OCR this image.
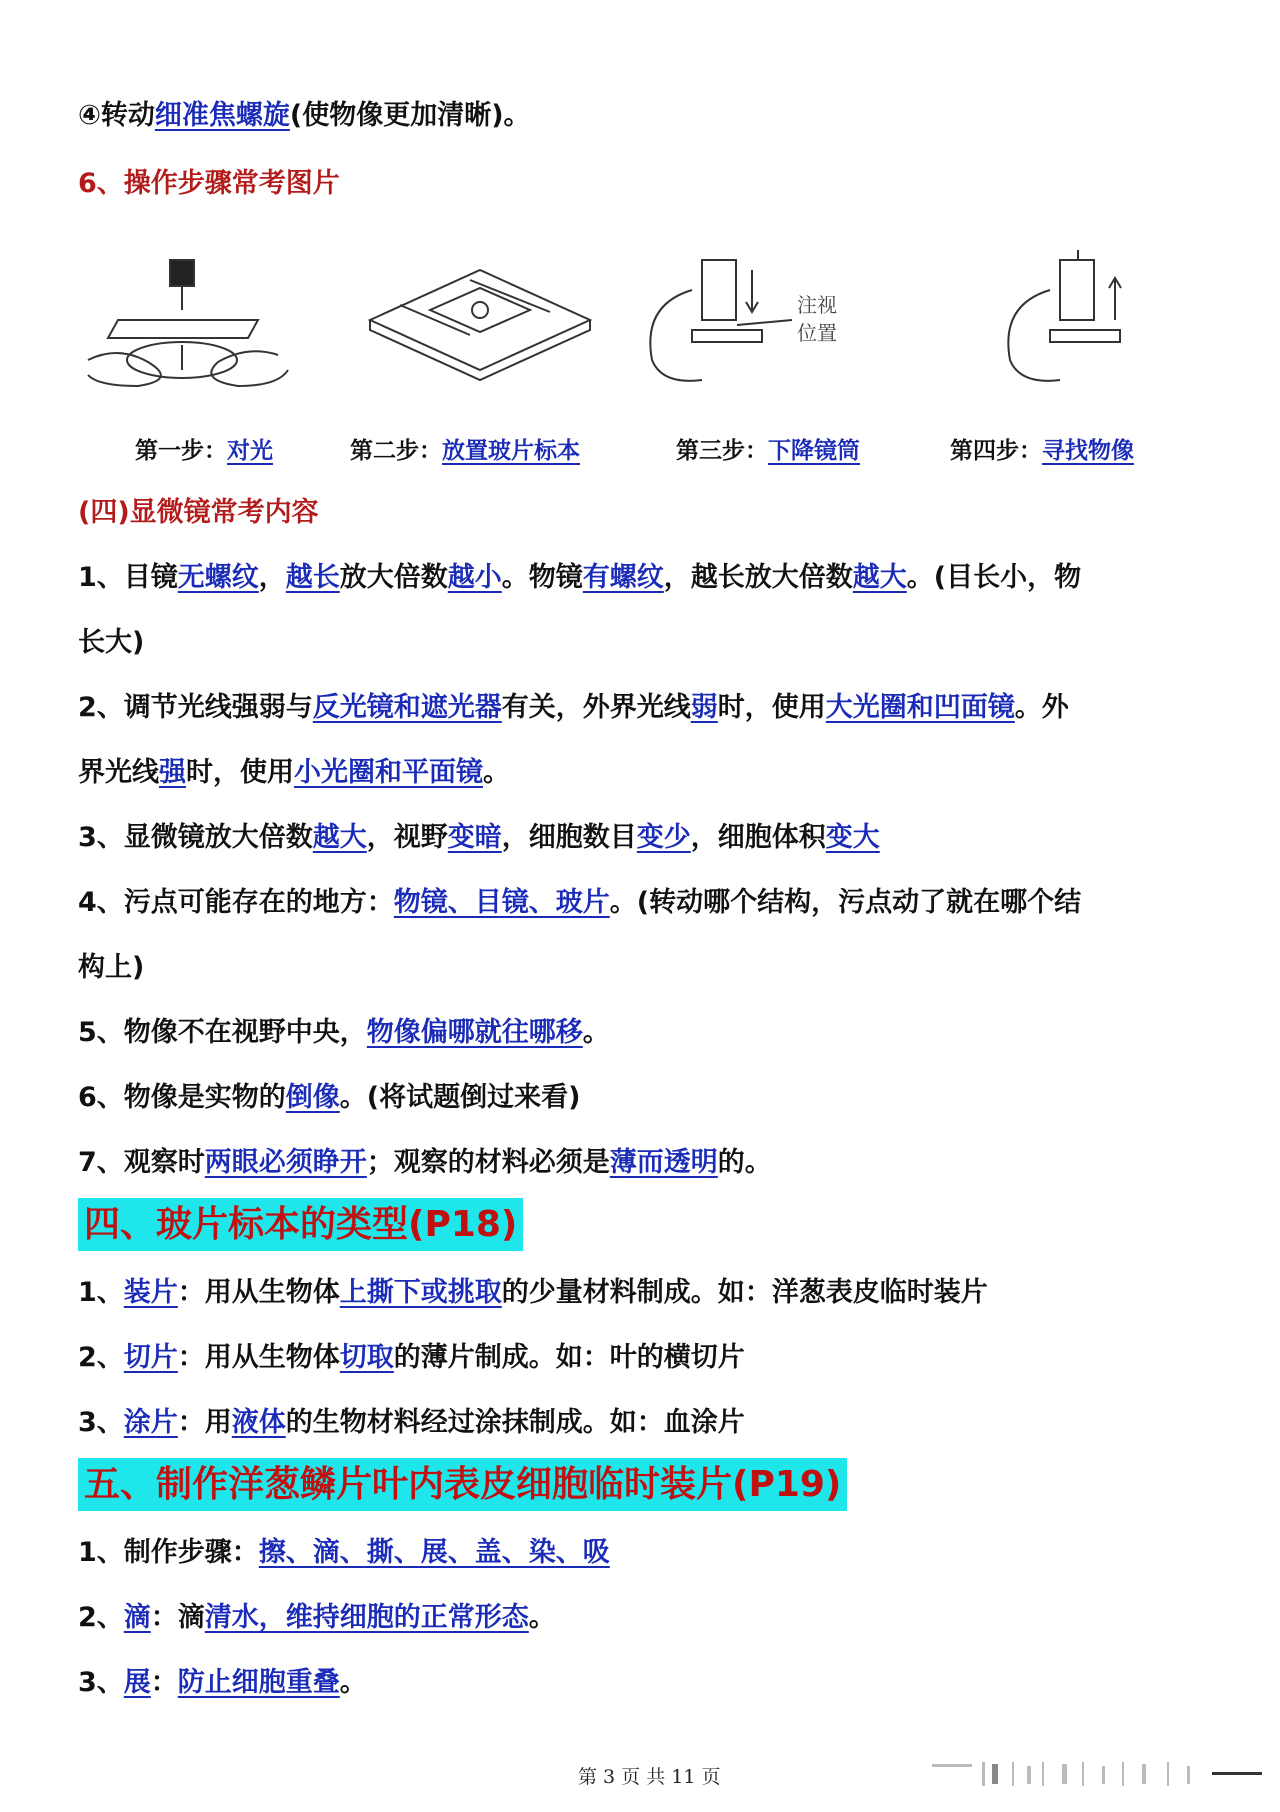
④转动细准焦螺旋(使物像更加清晰)。
6、操作步骤常考图片
注视
位置
第一步：对光	第二步：放置玻片标本	第三步：下降镜筒	第四步：寻找物像
(四)显微镜常考内容
1、目镜无螺纹，越长放大倍数越小。物镜有螺纹，越长放大倍数越大。(目长小，物
长大)
2、调节光线强弱与反光镜和遮光器有关，外界光线弱时，使用大光圈和凹面镜。外
界光线强时，使用小光圈和平面镜。
3、显微镜放大倍数越大，视野变暗，细胞数目变少，细胞体积变大
4、污点可能存在的地方：物镜、目镜、玻片。(转动哪个结构，污点动了就在哪个结
构上)
5、物像不在视野中央，物像偏哪就往哪移。
6、物像是实物的倒像。(将试题倒过来看)
7、观察时两眼必须睁开；观察的材料必须是薄而透明的。
四、玻片标本的类型(P18)
1、装片：用从生物体上撕下或挑取的少量材料制成。如：洋葱表皮临时装片
2、切片：用从生物体切取的薄片制成。如：叶的横切片
3、涂片：用液体的生物材料经过涂抹制成。如：血涂片
五、制作洋葱鳞片叶内表皮细胞临时装片(P19)
1、制作步骤：擦、滴、撕、展、盖、染、吸
2、滴：滴清水，维持细胞的正常形态。
3、展：防止细胞重叠。
第 3 页 共 11 页
